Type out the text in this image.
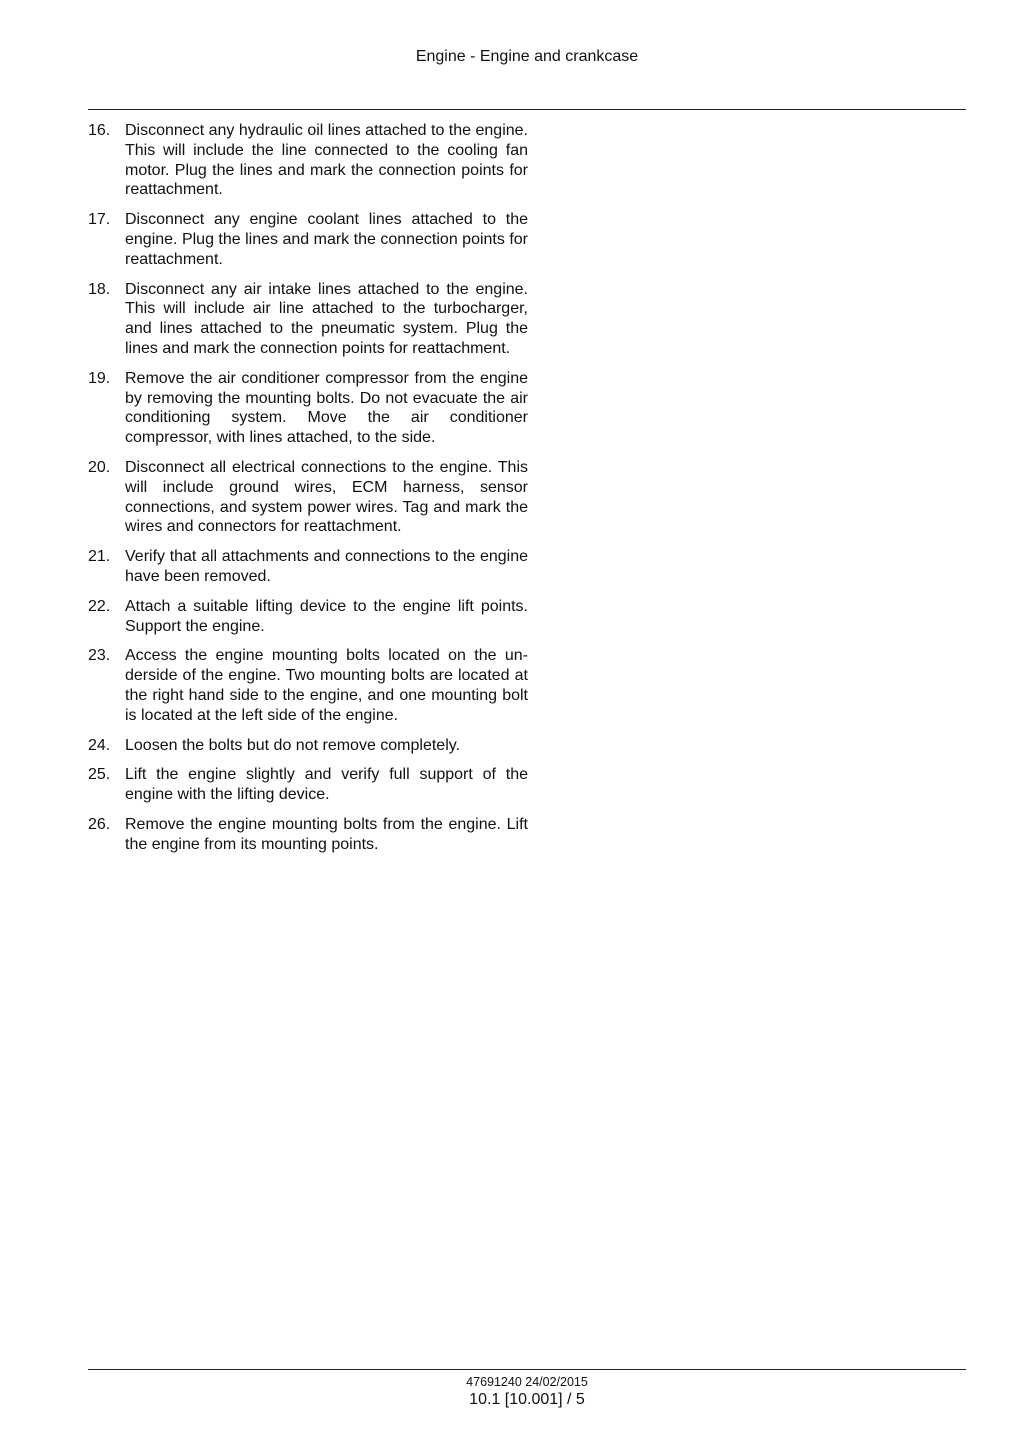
Engine - Engine and crankcase
16. Disconnect any hydraulic oil lines attached to the engine. This will include the line connected to the cooling fan motor. Plug the lines and mark the connection points for reattachment.
17. Disconnect any engine coolant lines attached to the engine. Plug the lines and mark the connection points for reattachment.
18. Disconnect any air intake lines attached to the engine. This will include air line attached to the turbocharger, and lines attached to the pneumatic system. Plug the lines and mark the connection points for reattachment.
19. Remove the air conditioner compressor from the engine by removing the mounting bolts. Do not evacuate the air conditioning system. Move the air conditioner compressor, with lines attached, to the side.
20. Disconnect all electrical connections to the engine. This will include ground wires, ECM harness, sensor connections, and system power wires. Tag and mark the wires and connectors for reattachment.
21. Verify that all attachments and connections to the engine have been removed.
22. Attach a suitable lifting device to the engine lift points. Support the engine.
23. Access the engine mounting bolts located on the underside of the engine. Two mounting bolts are located at the right hand side to the engine, and one mounting bolt is located at the left side of the engine.
24. Loosen the bolts but do not remove completely.
25. Lift the engine slightly and verify full support of the engine with the lifting device.
26. Remove the engine mounting bolts from the engine. Lift the engine from its mounting points.
47691240 24/02/2015
10.1 [10.001] / 5
